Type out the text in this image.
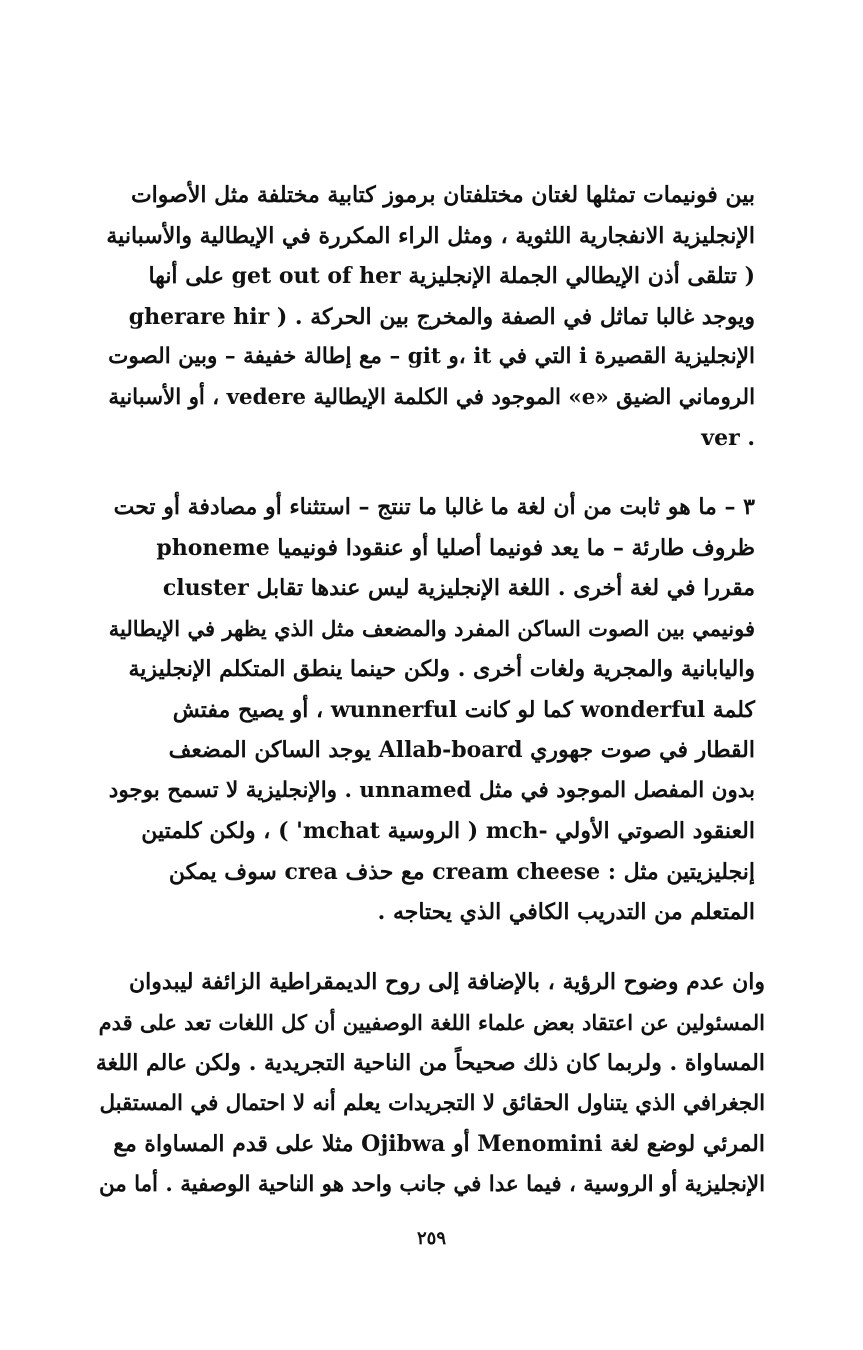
بين فونيمات تمثلها لغتان مختلفتان برموز كتابية مختلفة مثل الأصوات
الإنجليزية الانفجارية اللثوية ، ومثل الراء المكررة في الإيطالية والأسبانية
( تتلقى أذن الإيطالي الجملة الإنجليزية get out of her على أنها
gherare hir ) . ويوجد غالبا تماثل في الصفة والمخرج بين الحركة
الإنجليزية القصيرة i التي في it ،و git – مع إطالة خفيفة – وبين الصوت
الروماني الضيق «e» الموجود في الكلمة الإيطالية vedere ، أو الأسبانية
ver .
٣ – ما هو ثابت من أن لغة ما غالبا ما تنتج – استثناء أو مصادفة أو تحت
ظروف طارئة – ما يعد فونيما أصليا أو عنقودا فونيميا phoneme
cluster مقررا في لغة أخرى . اللغة الإنجليزية ليس عندها تقابل
فونيمي بين الصوت الساكن المفرد والمضعف مثل الذي يظهر في الإيطالية
واليابانية والمجرية ولغات أخرى . ولكن حينما ينطق المتكلم الإنجليزية
كلمة wonderful كما لو كانت wunnerful ، أو يصيح مفتش
القطار في صوت جهوري Allab-board يوجد الساكن المضعف
بدون المفصل الموجود في مثل unnamed . والإنجليزية لا تسمح بوجود
العنقود الصوتي الأولي -mch ( الروسية mchat' ) ، ولكن كلمتين
إنجليزيتين مثل : cream cheese مع حذف crea سوف يمكن
المتعلم من التدريب الكافي الذي يحتاجه .
وان عدم وضوح الرؤية ، بالإضافة إلى روح الديمقراطية الزائفة ليبدوان
المسئولين عن اعتقاد بعض علماء اللغة الوصفيين أن كل اللغات تعد على قدم
المساواة . ولربما كان ذلك صحيحاً من الناحية التجريدية . ولكن عالم اللغة
الجغرافي الذي يتناول الحقائق لا التجريدات يعلم أنه لا احتمال في المستقبل
المرئي لوضع لغة Menomini أو Ojibwa مثلا على قدم المساواة مع
الإنجليزية أو الروسية ، فيما عدا في جانب واحد هو الناحية الوصفية . أما من
٢٥٩
